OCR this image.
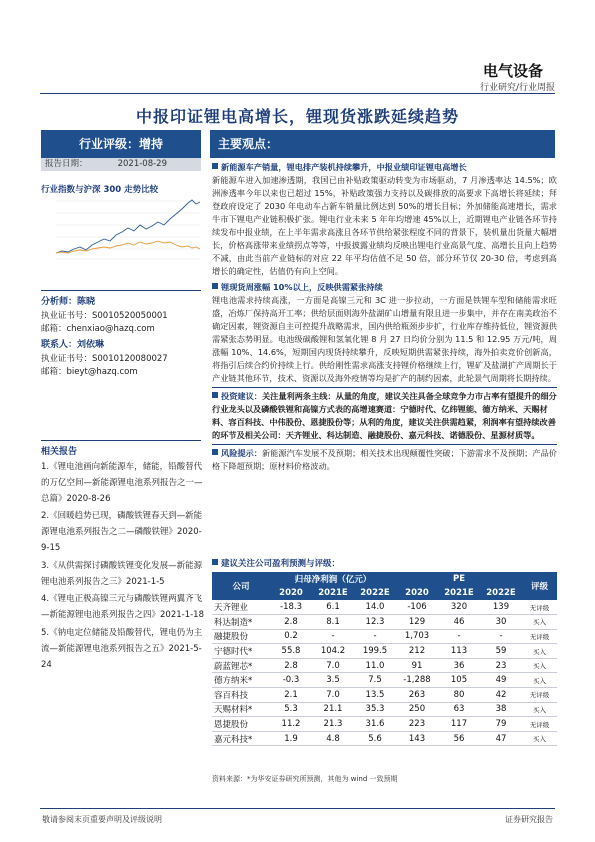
电气设备
行业研究/行业周报
中报印证锂电高增长，锂现货涨跌延续趋势
行业评级：增持
报告日期：	2021-08-29
行业指数与沪深 300 走势比较
分析师：陈晓
执业证书号：S0010520050001
邮箱：chenxiao@hazq.com
联系人：刘依琳
执业证书号：S0010120080027
邮箱：bieyt@hazq.com
相关报告
1.《锂电池画向新能源车，储能，铅酸替代的万亿空间—新能源锂电池系列报告之一—总篇》2020-8-26
2.《回暖趋势已现，磷酸铁锂春天到—新能源锂电池系列报告之二—磷酸铁锂》2020-9-15
3.《从供需探讨磷酸铁锂变化发展—新能源锂电池系列报告之三》2021-1-5
4.《锂电正极高镍三元与磷酸铁锂两翼齐飞—新能源锂电池系列报告之四》2021-1-18
5.《钠电定位储能及铅酸替代，锂电仍为主流—新能源锂电池系列报告之五》2021-5-24
主要观点：
新能源车产销量，锂电排产装机持续攀升，中报业绩印证锂电高增长
新能源车进入加速渗透期，我国已由补贴政策驱动转变为市场驱动，7 月渗透率达 14.5%；欧洲渗透率今年以来也已超过 15%，补贴政策强力支持以及碳排放的高要求下高增长将延续；拜登政府设定了 2030 年电动车占新车销量比例达到 50%的增长目标；外加储能高速增长，需求牛市下锂电产业链积极扩张。锂电行业未来 5 年年均增速 45%以上，近期锂电产业链各环节持续发布中报业绩，在上半年需求高涨且各环节供给紧张程度不同的背景下，装机量出货量大幅增长，价格高涨带来业绩拐点等等，中报披露业绩均反映出锂电行业高景气度、高增长且向上趋势不减，由此当前产业链标的对应 22 年平均估值不足 50 倍，部分环节仅 20-30 倍，考虑到高增长的确定性，估值仍有向上空间。
锂现货周涨幅 10%以上，反映供需紧张持续
锂电池需求持续高涨，一方面是高镍三元和 3C 进一步拉动，一方面是铁锂车型和储能需求旺盛，冶炼厂保持高开工率；供给层面则海外盐湖矿山增量有限且进一步集中，并存在南美政治不确定因素，锂资源自主可控提升战略需求，国内供给瓶颈步步扩，行业库存维持低位，锂资源供需紧张态势明显。电池级碳酸锂和氢氧化锂 8 月 27 日均价分别为 11.5 和 12.95 万元/吨，周涨幅 10%、14.6%，短期国内现货持续攀升，反映短期供需紧张持续，海外拍卖竞价创新高，将指引后续合约价持续上行。供给刚性需求高涨支持锂价格继续上行，锂矿及盐湖扩产周期长于产业链其他环节，技术、资源以及海外疫情等均是扩产的制约因素，此轮景气周期将长期持续。
投资建议：关注量利两条主线：从量的角度，建议关注具备全球竞争力市占率有望提升的细分行业龙头以及磷酸铁锂和高镍方式表的高增速赛道：宁德时代、亿纬锂能、德方纳米、天赐材料、容百科技、中伟股份、恩捷股份等；从利的角度，建议关注供需趋紧，利润率有望持续改善的环节及相关公司：天齐锂业、科达制造、融捷股份、嘉元科技、诺德股份、星源材质等。
风险提示：新能源汽车发展不及预期；相关技术出现颠覆性突破；下游需求不及预期；产品价格下降超预期；原材料价格波动。
建议关注公司盈利预测与评级：
公司	归母净利润（亿元）			PE			评级
	2020	2021E	2022E	2020	2021E	2022E	
天齐锂业	-18.3	6.1	14.0	-106	320	139	无评级
科达制造*	2.8	8.1	12.3	129	46	30	买入
融捷股份	0.2	-	-	1,703	-	-	无评级
宁德时代*	55.8	104.2	199.5	212	113	59	买入
蔚蓝锂芯*	2.8	7.0	11.0	91	36	23	买入
德方纳米*	-0.3	3.5	7.5	-1,288	105	49	买入
容百科技	2.1	7.0	13.5	263	80	42	无评级
天赐材料*	5.3	21.1	35.3	250	63	38	买入
恩捷股份	11.2	21.3	31.6	223	117	79	无评级
嘉元科技*	1.9	4.8	5.6	143	56	47	买入
资料来源：*为华安证券研究所预测，其他为 wind 一致预期
敬请参阅末页重要声明及评级说明	证券研究报告
